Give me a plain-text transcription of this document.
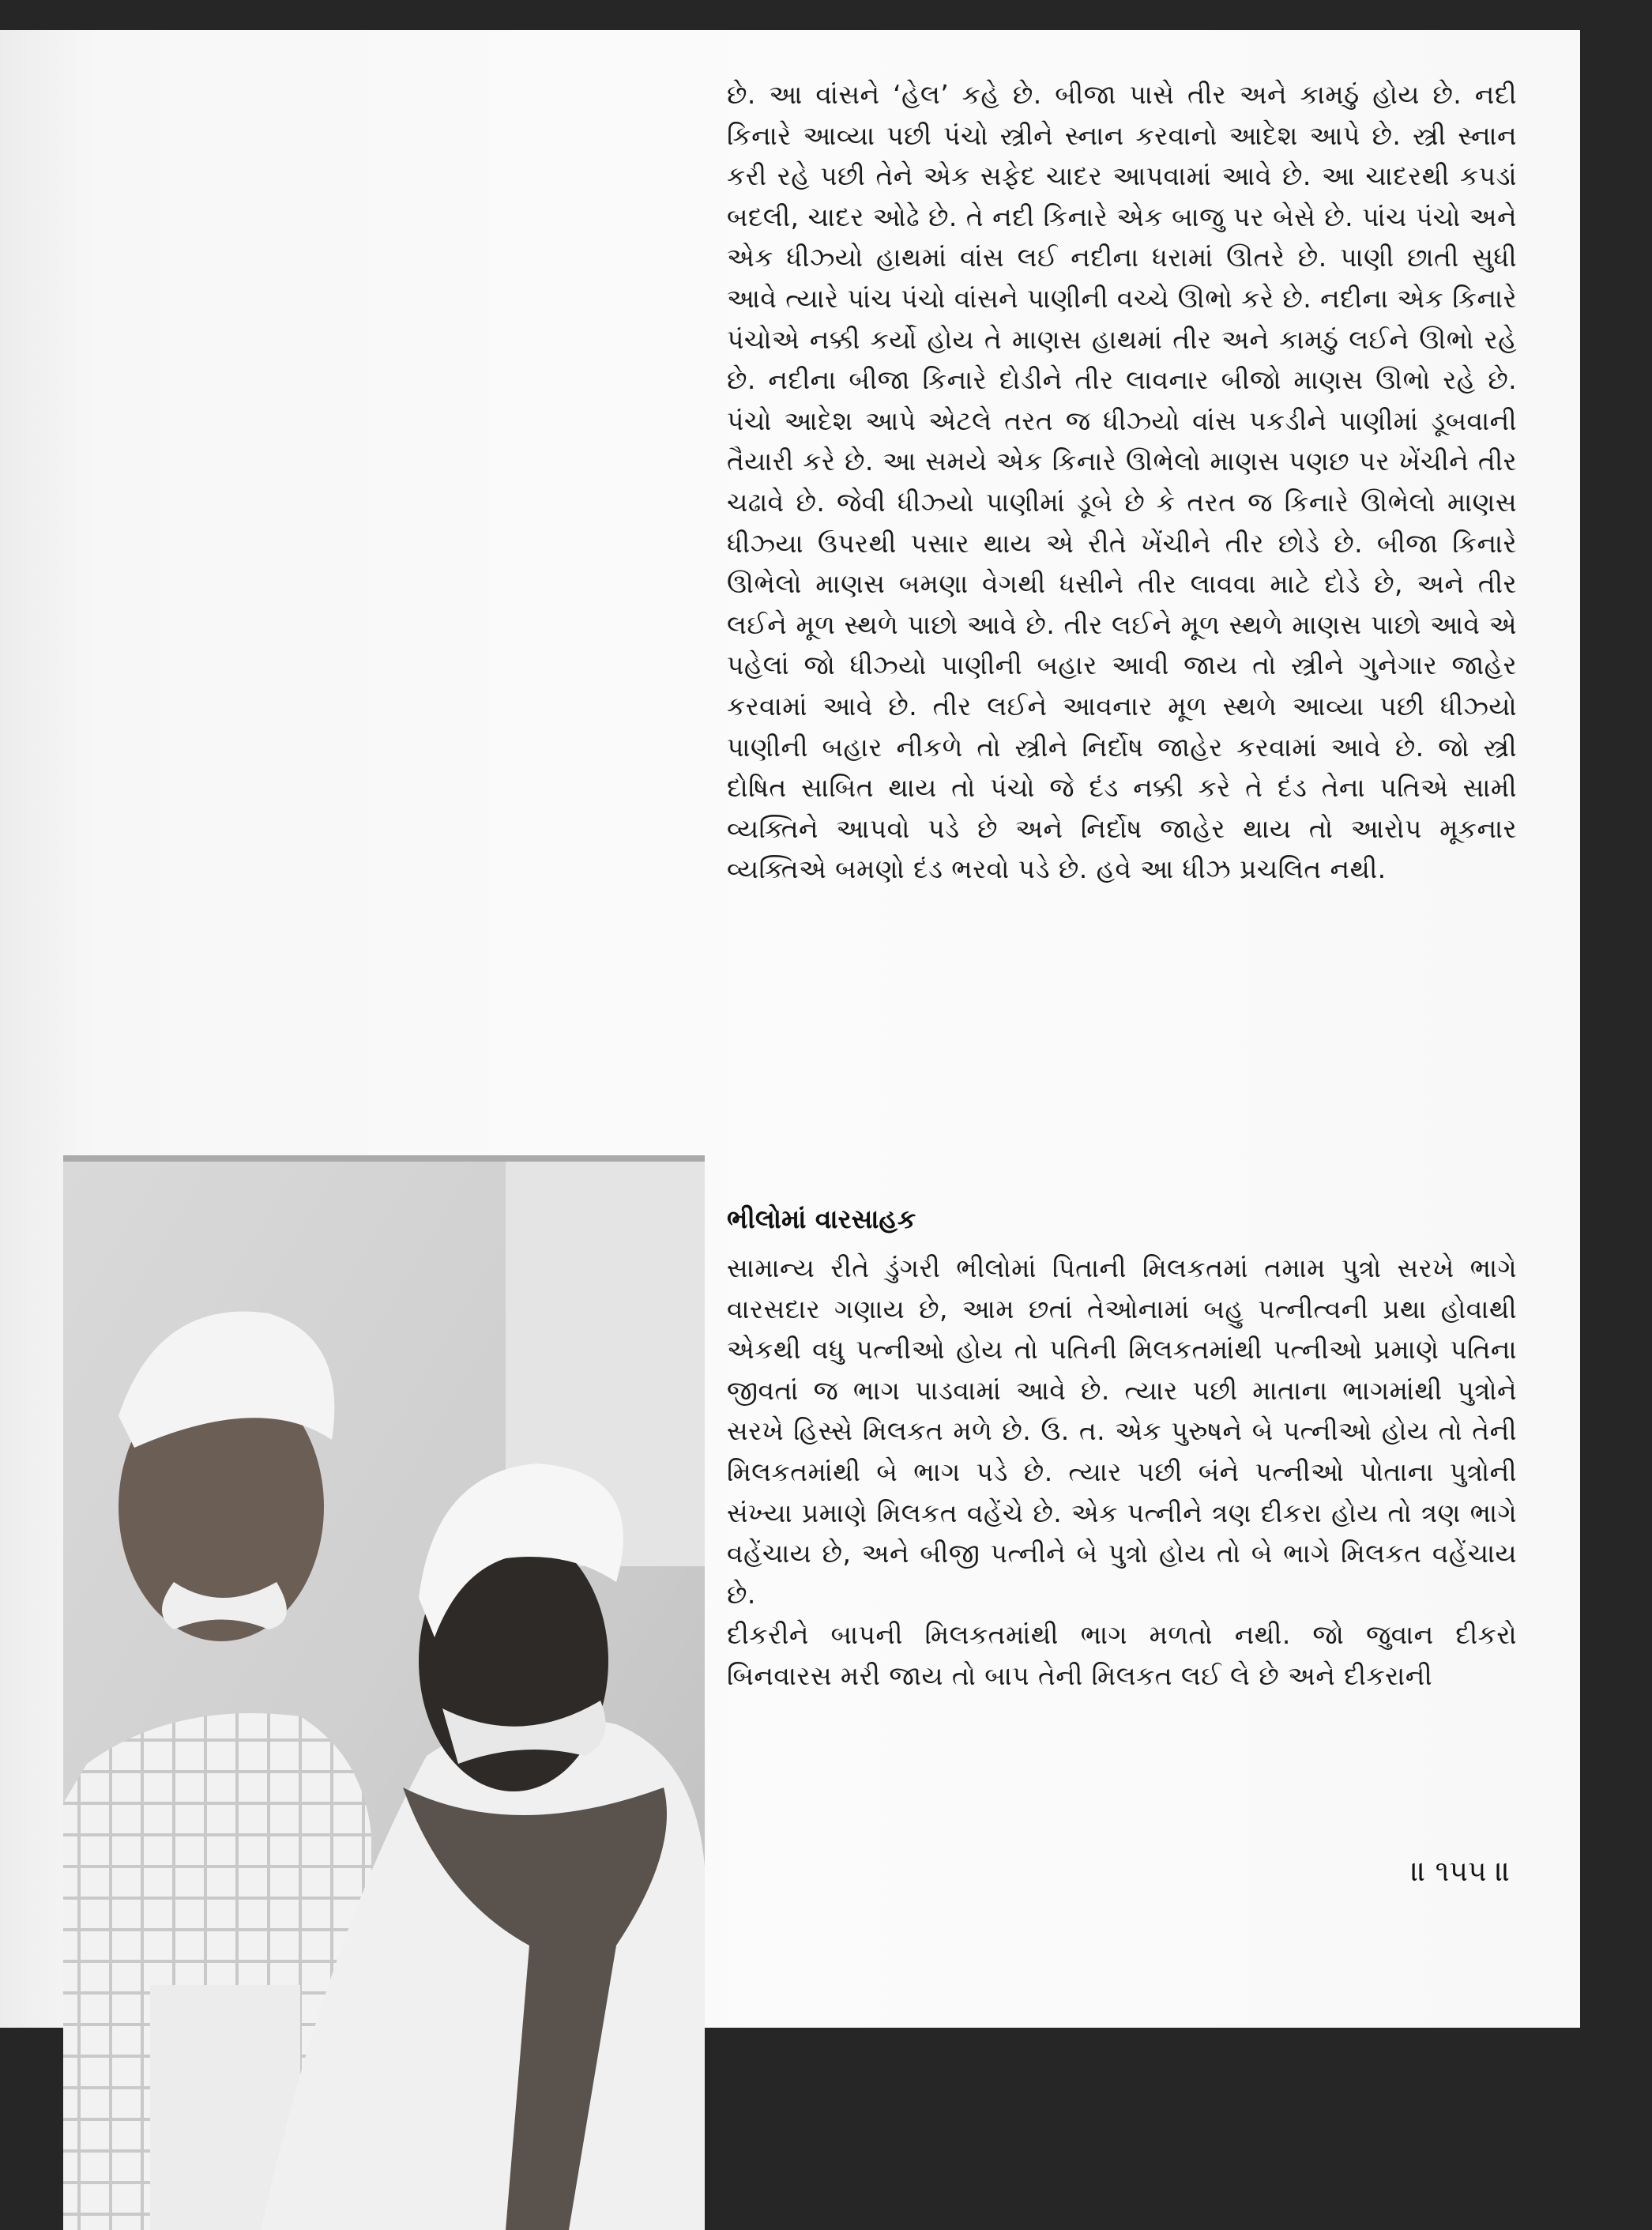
છે. આ વાંસને ‘હેલ’ કહે છે. બીજા પાસે તીર અને કામઠું હોય છે. નદી કિનારે આવ્યા પછી પંચો સ્ત્રીને સ્નાન કરવાનો આદેશ આપે છે. સ્ત્રી સ્નાન કરી રહે પછી તેને એક સફેદ ચાદર આપવામાં આવે છે. આ ચાદરથી કપડાં બદલી, ચાદર ઓઢે છે. તે નદી કિનારે એક બાજુ પર બેસે છે. પાંચ પંચો અને એક ધીઝ્યો હાથમાં વાંસ લઈ નદીના ધરામાં ઊતરે છે. પાણી છાતી સુધી આવે ત્યારે પાંચ પંચો વાંસને પાણીની વચ્ચે ઊભો કરે છે. નદીના એક કિનારે પંચોએ નક્કી કર્યો હોય તે માણસ હાથમાં તીર અને કામઠું લઈને ઊભો રહે છે. નદીના બીજા કિનારે દોડીને તીર લાવનાર બીજો માણસ ઊભો રહે છે. પંચો આદેશ આપે એટલે તરત જ ધીઝ્યો વાંસ પકડીને પાણીમાં ડૂબવાની તૈયારી કરે છે. આ સમયે એક કિનારે ઊભેલો માણસ પણછ પર ખેંચીને તીર ચઢાવે છે. જેવી ધીઝ્યો પાણીમાં ડૂબે છે કે તરત જ કિનારે ઊભેલો માણસ ધીઝ્યા ઉપરથી પસાર થાય એ રીતે ખેંચીને તીર છોડે છે. બીજા કિનારે ઊભેલો માણસ બમણા વેગથી ધસીને તીર લાવવા માટે દોડે છે, અને તીર લઈને મૂળ સ્થળે પાછો આવે છે. તીર લઈને મૂળ સ્થળે માણસ પાછો આવે એ પહેલાં જો ધીઝ્યો પાણીની બહાર આવી જાય તો સ્ત્રીને ગુનેગાર જાહેર કરવામાં આવે છે. તીર લઈને આવનાર મૂળ સ્થળે આવ્યા પછી ધીઝ્યો પાણીની બહાર નીકળે તો સ્ત્રીને નિર્દોષ જાહેર કરવામાં આવે છે. જો સ્ત્રી દોષિત સાબિત થાય તો પંચો જે દંડ નક્કી કરે તે દંડ તેના પતિએ સામી વ્યક્તિને આપવો પડે છે અને નિર્દોષ જાહેર થાય તો આરોપ મૂકનાર વ્યક્તિએ બમણો દંડ ભરવો પડે છે. હવે આ ધીઝ પ્રચલિત નથી.

ભીલોમાં વારસાહક

સામાન્ય રીતે ડુંગરી ભીલોમાં પિતાની મિલકતમાં તમામ પુત્રો સરખે ભાગે વારસદાર ગણાય છે, આમ છતાં તેઓનામાં બહુ પત્નીત્વની પ્રથા હોવાથી એકથી વધુ પત્નીઓ હોય તો પતિની મિલકતમાંથી પત્નીઓ પ્રમાણે પતિના જીવતાં જ ભાગ પાડવામાં આવે છે. ત્યાર પછી માતાના ભાગમાંથી પુત્રોને સરખે હિસ્સે મિલકત મળે છે. ઉ. ત. એક પુરુષને બે પત્નીઓ હોય તો તેની મિલકતમાંથી બે ભાગ પડે છે. ત્યાર પછી બંને પત્નીઓ પોતાના પુત્રોની સંખ્યા પ્રમાણે મિલકત વહેંચે છે. એક પત્નીને ત્રણ દીકરા હોય તો ત્રણ ભાગે વહેંચાય છે, અને બીજી પત્નીને બે પુત્રો હોય તો બે ભાગે મિલકત વહેંચાય છે.

દીકરીને બાપની મિલકતમાંથી ભાગ મળતો નથી. જો જુવાન દીકરો બિનવારસ મરી જાય તો બાપ તેની મિલકત લઈ લે છે અને દીકરાની

॥ ૧૫૫ ॥
